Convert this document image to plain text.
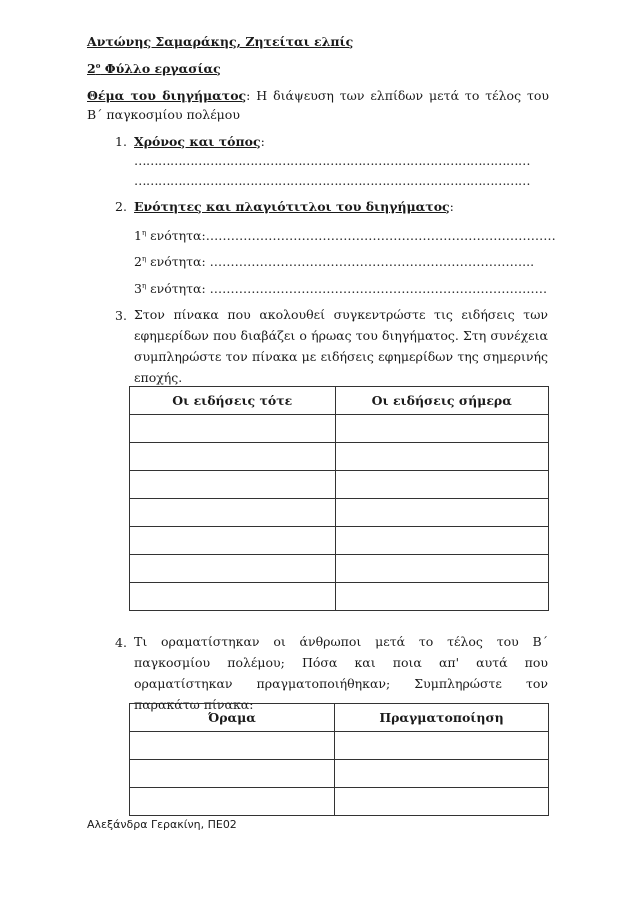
Αντώνης Σαμαράκης, Ζητείται ελπίς
$2^o$ Φύλλο εργασίας
Θέμα του διηγήματος: Η διάψευση των ελπίδων μετά το τέλος του Β΄ παγκοσμίου πολέμου
1. Χρόνος και τόπος:
………………………………………………………………………………………
………………………………………………………………………………………
2. Ενότητες και πλαγιότιτλοι του διηγήματος:
$1^\eta$ ενότητα:…………………………………………………………………………
$2^\eta$ ενότητα: …………………………………………………………………...
$3^\eta$ ενότητα: ………………………………………………………………………
3. Στον πίνακα που ακολουθεί συγκεντρώστε τις ειδήσεις των εφημερίδων που διαβάζει ο ήρωας του διηγήματος. Στη συνέχεια συμπληρώστε τον πίνακα με ειδήσεις εφημερίδων της σημερινής εποχής.
Οι ειδήσεις τότε	Οι ειδήσεις σήμερα

4. Τι οραματίστηκαν οι άνθρωποι μετά το τέλος του Β΄ παγκοσμίου πολέμου; Πόσα και ποια απ' αυτά που οραματίστηκαν πραγματοποιήθηκαν; Συμπληρώστε τον παρακάτω πίνακα:
Όραμα	Πραγματοποίηση

Αλεξάνδρα Γερακίνη, ΠΕ02
